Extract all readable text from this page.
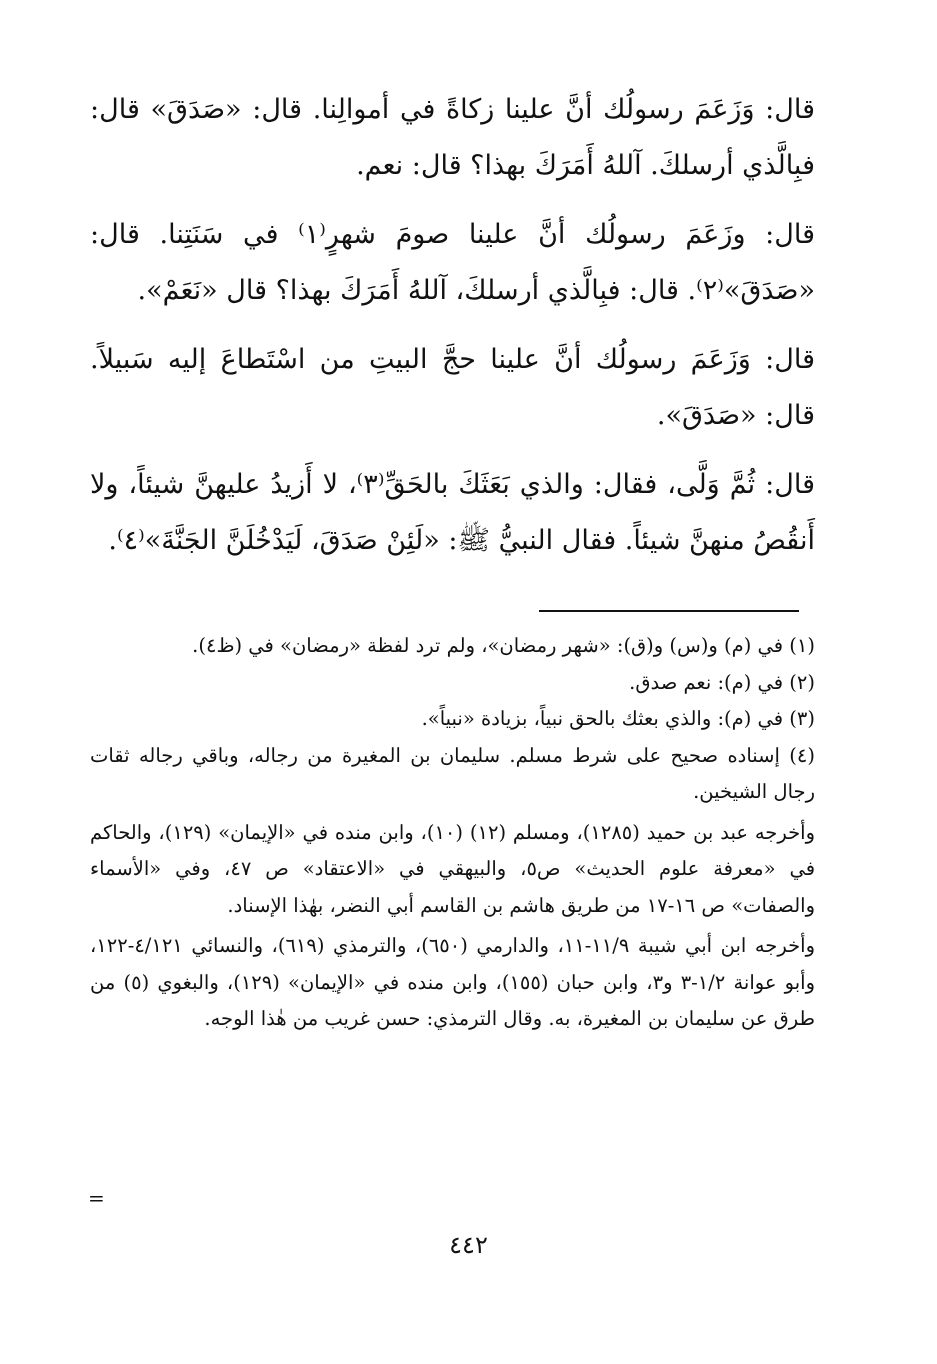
قال: وَزَعَمَ رسولُك أنَّ علينا زكاةً في أموالِنا. قال: «صَدَقَ» قال: فبِالَّذي أرسلكَ. آللهُ أَمَرَكَ بهذا؟ قال: نعم.

قال: وزَعَمَ رسولُك أنَّ علينا صومَ شهرٍ⁽١⁾ في سَنَتِنا. قال: «صَدَقَ»⁽٢⁾. قال: فبِالَّذي أرسلكَ، آللهُ أَمَرَكَ بهذا؟ قال «نَعَمْ».

قال: وَزَعَمَ رسولُك أنَّ علينا حجَّ البيتِ من اسْتَطاعَ إليه سَبيلاً. قال: «صَدَقَ».

قال: ثُمَّ وَلَّى، فقال: والذي بَعَثَكَ بالحَقِّ⁽٣⁾، لا أَزيدُ عليهنَّ شيئاً، ولا أَنقُصُ منهنَّ شيئاً. فقال النبيُّ ﷺ: «لَئِنْ صَدَقَ، لَيَدْخُلَنَّ الجَنَّةَ»⁽٤⁾.

(١) في (م) و(س) و(ق): «شهر رمضان»، ولم ترد لفظة «رمضان» في (ظ٤).

(٢) في (م): نعم صدق.

(٣) في (م): والذي بعثك بالحق نبياً، بزيادة «نبياً».

(٤) إسناده صحيح على شرط مسلم. سليمان بن المغيرة من رجاله، وباقي رجاله ثقات رجال الشيخين.

وأخرجه عبد بن حميد (١٢٨٥)، ومسلم (١٢) (١٠)، وابن منده في «الإيمان» (١٢٩)، والحاكم في «معرفة علوم الحديث» ص٥، والبيهقي في «الاعتقاد» ص ٤٧، وفي «الأسماء والصفات» ص ١٦-١٧ من طريق هاشم بن القاسم أبي النضر، بهٰذا الإسناد.

وأخرجه ابن أبي شيبة ١١/٩-١١، والدارمي (٦٥٠)، والترمذي (٦١٩)، والنسائي ٤/١٢١-١٢٢، وأبو عوانة ١/٢-٣ و٣، وابن حبان (١٥٥)، وابن منده في «الإيمان» (١٢٩)، والبغوي (٥) من طرق عن سليمان بن المغيرة، به. وقال الترمذي: حسن غريب من هٰذا الوجه.

=
٤٤٢
